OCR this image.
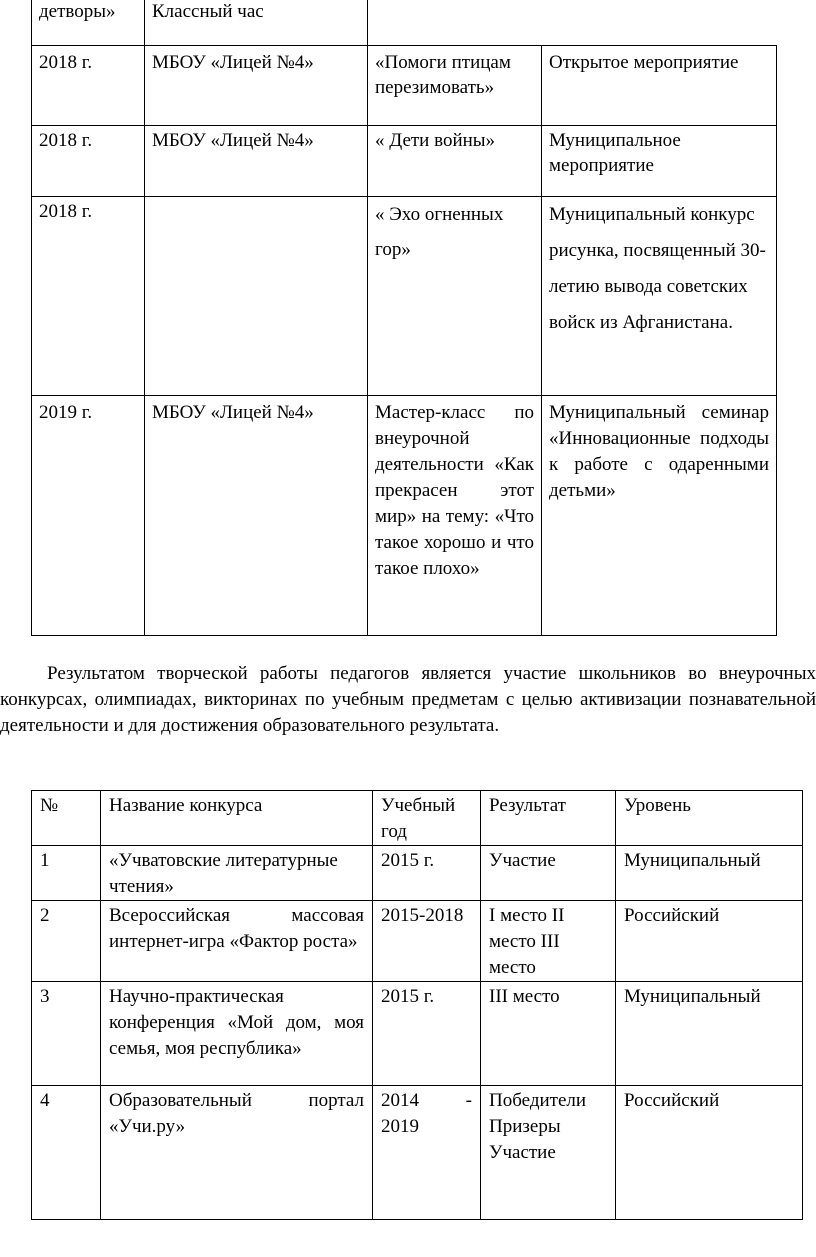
детворы»	Классный час
2018 г.	МБОУ «Лицей №4»	«Помоги птицам перезимовать»	Открытое мероприятие
2018 г.	МБОУ «Лицей №4»	« Дети войны»	Муниципальное мероприятие
2018 г.		« Эхо огненных гор»	Муниципальный конкурс рисунка, посвященный 30-летию вывода советских войск из Афганистана.
2019 г.	МБОУ «Лицей №4»	Мастер-класс по внеурочной деятельности «Как прекрасен этот мир» на тему: «Что такое хорошо и что такое плохо»	Муниципальный семинар «Инновационные подходы к работе с одаренными детьми»

Результатом творческой работы педагогов является участие школьников во внеурочных конкурсах, олимпиадах, викторинах по учебным предметам с целью активизации познавательной деятельности и для достижения образовательного результата.

№	Название конкурса	Учебный год	Результат	Уровень
1	«Учватовские литературные чтения»	2015 г.	Участие	Муниципальный
2	Всероссийская массовая интернет-игра «Фактор роста»	2015-2018	I место II место III место	Российский
3	Научно-практическая конференция «Мой дом, моя семья, моя республика»	2015 г.	III место	Муниципальный
4	Образовательный портал «Учи.ру»	2014 - 2019	Победители Призеры Участие	Российский
